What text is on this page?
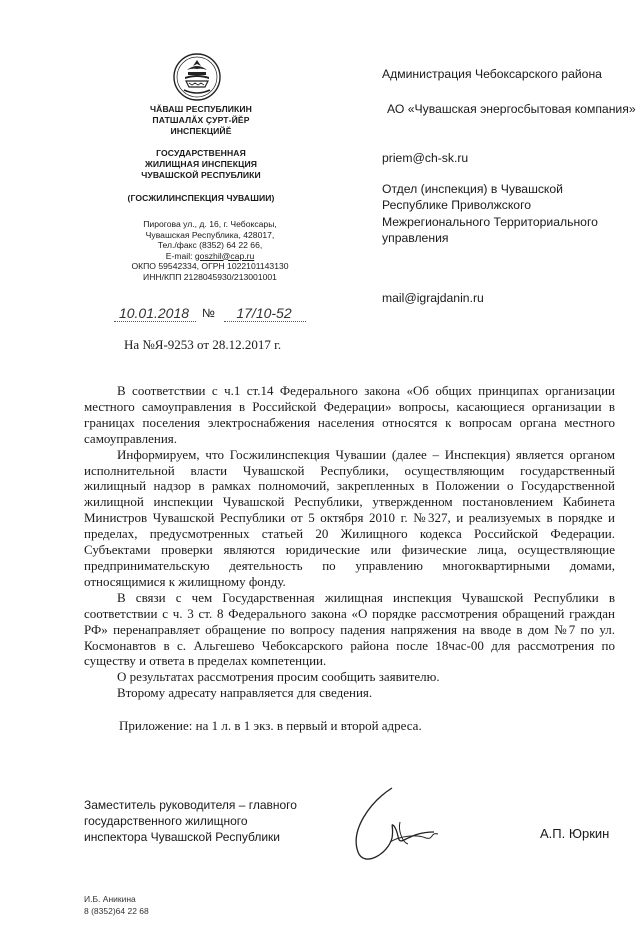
ЧӐВАШ РЕСПУБЛИКИН
ПАТШАЛӐХ ҪУРТ-ЙӖР
ИНСПЕКЦИЙӖ
ГОСУДАРСТВЕННАЯ
ЖИЛИЩНАЯ ИНСПЕКЦИЯ
ЧУВАШСКОЙ РЕСПУБЛИКИ
(ГОСЖИЛИНСПЕКЦИЯ ЧУВАШИИ)
Пирогова ул., д. 16, г. Чебоксары,
Чувашская Республика, 428017,
Тел./факс (8352) 64 22 66,
E-mail: goszhil@cap.ru
ОКПО 59542334, ОГРН 1022101143130
ИНН/КПП 2128045930/213001001
10.01.2018	№	17/10-52
На №Я-9253 от 28.12.2017 г.
Администрация Чебоксарского района
АО «Чувашская энергосбытовая компания»
priem@ch-sk.ru
Отдел (инспекция) в Чувашской Республике Приволжского Межрегионального Территориального управления
mail@igrajdanin.ru

В соответствии с ч.1 ст.14 Федерального закона «Об общих принципах организации местного самоуправления в Российской Федерации» вопросы, касающиеся организации в границах поселения электроснабжения населения относятся к вопросам органа местного самоуправления.

Информируем, что Госжилинспекция Чувашии (далее – Инспекция) является органом исполнительной власти Чувашской Республики, осуществляющим государственный жилищный надзор в рамках полномочий, закрепленных в Положении о Государственной жилищной инспекции Чувашской Республики, утвержденном постановлением Кабинета Министров Чувашской Республики от 5 октября 2010 г. №327, и реализуемых в порядке и пределах, предусмотренных статьей 20 Жилищного кодекса Российской Федерации. Субъектами проверки являются юридические или физические лица, осуществляющие предпринимательскую деятельность по управлению многоквартирными домами, относящимися к жилищному фонду.

В связи с чем Государственная жилищная инспекция Чувашской Республики в соответствии с ч. 3 ст. 8 Федерального закона «О порядке рассмотрения обращений граждан РФ» перенаправляет обращение по вопросу падения напряжения на вводе в дом №7 по ул. Космонавтов в с. Альгешево Чебоксарского района после 18час-00 для рассмотрения по существу и ответа в пределах компетенции.

О результатах рассмотрения просим сообщить заявителю.

Второму адресату направляется для сведения.

Приложение: на 1 л. в 1 экз. в первый и второй адреса.
Заместитель руководителя – главного
государственного жилищного
инспектора Чувашской Республики	А.П. Юркин
И.Б. Аникина
8 (8352)64 22 68
